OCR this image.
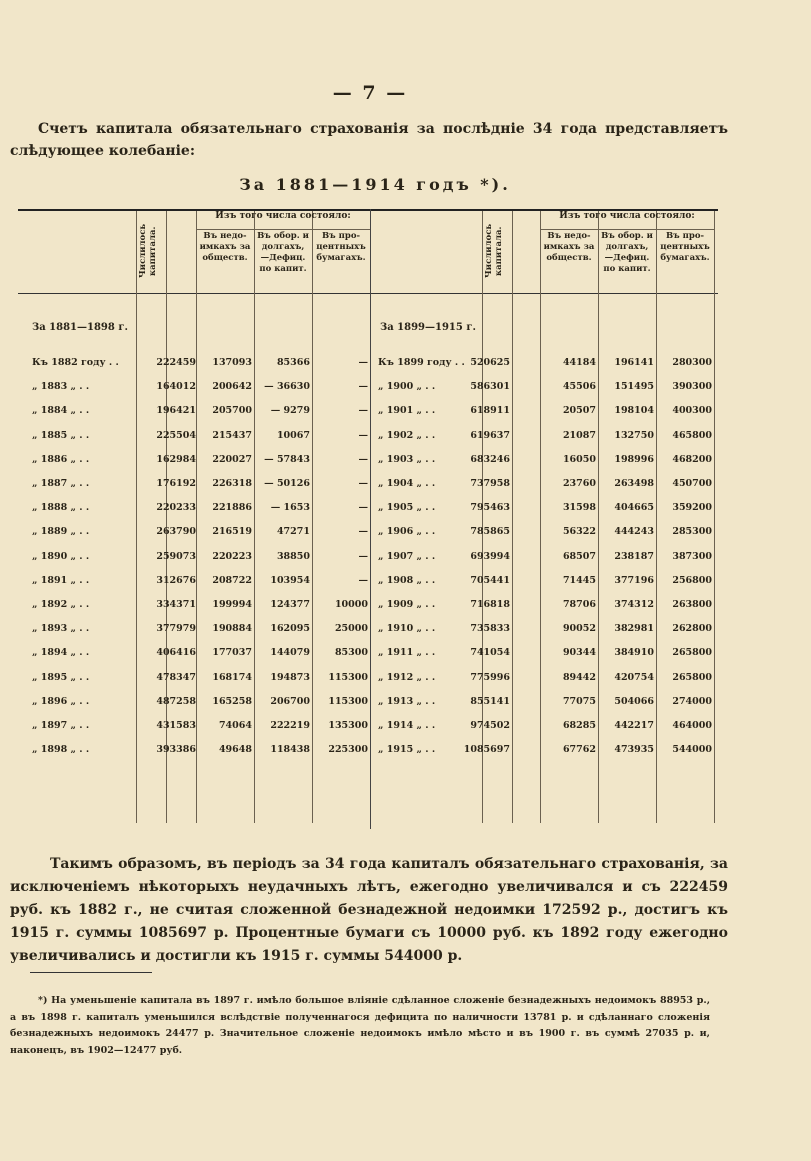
— 7 —
Счетъ капитала обязательнаго страхованія за послѣдніе 34 года представляетъ слѣдующее колебаніе:
За 1881—1914 годъ *).
Числилось капитала.
Изъ того числа состояло:
Въ недо-имкахъ за обществ.
Въ обор. и долгахъ, —Дефиц. по капит.
Въ про-центныхъ бумагахъ.	Числилось капитала.
Изъ того числа состояло:
Въ недо-имкахъ за обществ.
Въ обор. и долгахъ, —Дефиц. по капит.
Въ про-центныхъ бумагахъ.
За 1881—1898 г.	За 1899—1915 г.
Къ 1882 году . .	222459	137093	85366	— Къ 1899 году . . 520625	44184	196141	280300
„ 1883 „ . .	164012	200642	— 36630	— „ 1900 „ . .	586301	45506	151495	390300
„ 1884 „ . .	196421	205700	— 9279	— „ 1901 „ . .	618911	20507	198104	400300
„ 1885 „ . .	225504	215437	10067	— „ 1902 „ . .	619637	21087	132750	465800
„ 1886 „ . .	162984	220027	— 57843	— „ 1903 „ . .	683246	16050	198996	468200
„ 1887 „ . .	176192	226318	— 50126	— „ 1904 „ . .	737958	23760	263498	450700
„ 1888 „ . .	220233	221886	— 1653	— „ 1905 „ . .	795463	31598	404665	359200
„ 1889 „ . .	263790	216519	47271	— „ 1906 „ . .	785865	56322	444243	285300
„ 1890 „ . .	259073	220223	38850	— „ 1907 „ . .	693994	68507	238187	387300
„ 1891 „ . .	312676	208722	103954	— „ 1908 „ . .	705441	71445	377196	256800
„ 1892 „ . .	334371	199994	124377	10000 „ 1909 „ . .	716818	78706	374312	263800
„ 1893 „ . .	377979	190884	162095	25000 „ 1910 „ . .	735833	90052	382981	262800
„ 1894 „ . .	406416	177037	144079	85300 „ 1911 „ . .	741054	90344	384910	265800
„ 1895 „ . .	478347	168174	194873	115300 „ 1912 „ . .	775996	89442	420754	265800
„ 1896 „ . .	487258	165258	206700	115300 „ 1913 „ . .	855141	77075	504066	274000
„ 1897 „ . .	431583	74064	222219	135300 „ 1914 „ . .	974502	68285	442217	464000
„ 1898 „ . .	393386	49648	118438	225300 „ 1915 „ . .	1085697	67762	473935	544000
Такимъ образомъ, въ періодъ за 34 года капиталъ обязательнаго страхованія, за исключеніемъ нѣкоторыхъ неудачныхъ лѣтъ, ежегодно увеличивался и съ 222459 руб. къ 1882 г., не считая сложенной безнадежной недоимки 172592 р., достигъ къ 1915 г. суммы 1085697 р. Процентные бумаги съ 10000 руб. къ 1892 году ежегодно увеличивались и достигли къ 1915 г. суммы 544000 р.
*) На уменьшеніе капитала въ 1897 г. имѣло большое вліяніе сдѣланное сложеніе безнадежныхъ недоимокъ 88953 р., а въ 1898 г. капиталъ уменьшился вслѣдствіе полученнагося дефицита по наличности 13781 р. и сдѣланнаго сложенія безнадежныхъ недоимокъ 24477 р. Значительное сложеніе недоимокъ имѣло мѣсто и въ 1900 г. въ суммѣ 27035 р. и, наконецъ, въ 1902—12477 руб.
